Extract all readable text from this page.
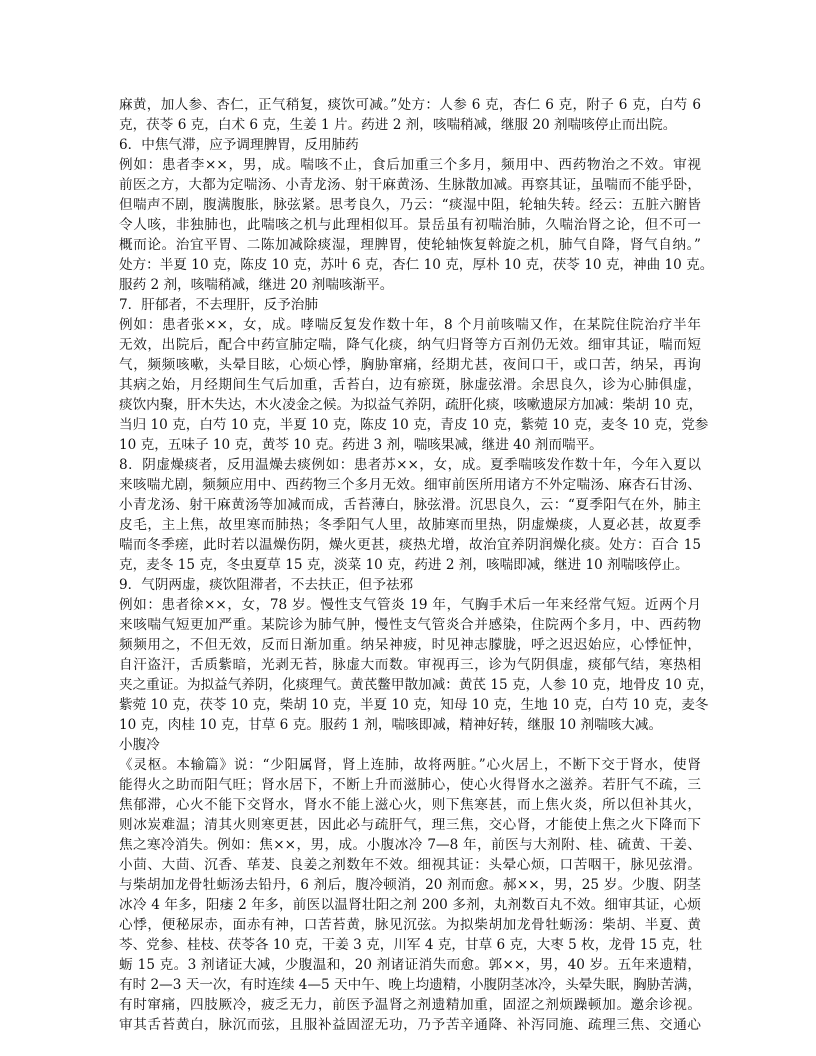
麻黄，加人参、杏仁，正气稍复，痰饮可减。”处方：人参 6 克，杏仁 6 克，附子 6 克，白芍 6
克，茯苓 6 克，白术 6 克，生姜 1 片。药进 2 剂，咳喘稍减，继服 20 剂喘咳停止而出院。
6．中焦气滞，应予调理脾胃，反用肺药
例如：患者李××，男，成。喘咳不止，食后加重三个多月，频用中、西药物治之不效。审视
前医之方，大都为定喘汤、小青龙汤、射干麻黄汤、生脉散加减。再察其证，虽喘而不能乎卧，
但喘声不剧，腹满腹胀，脉弦紧。思考良久，乃云：“痰湿中阻，轮轴失转。经云：五脏六腑皆
令人咳，非独肺也，此喘咳之机与此理相似耳。景岳虽有初喘治肺，久喘治肾之论，但不可一
概而论。治宜平胃、二陈加减除痰湿，理脾胃，使轮轴恢复斡旋之机，肺气自降，肾气自纳。”
处方：半夏 10 克，陈皮 10 克，苏叶 6 克，杏仁 10 克，厚朴 10 克，茯苓 10 克，神曲 10 克。
服药 2 剂，咳喘稍减，继进 20 剂喘咳渐平。
7．肝郁者，不去理肝，反予治肺
例如：患者张××，女，成。哮喘反复发作数十年，8 个月前咳喘又作，在某院住院治疗半年
无效，出院后，配合中药宣肺定喘，降气化痰，纳气归肾等方百剂仍无效。细审其证，喘而短
气，频频咳嗽，头晕目眩，心烦心悸，胸胁窜痛，经期尤甚，夜间口干，或口苦，纳呆，再询
其病之始，月经期间生气后加重，舌苔白，边有瘀斑，脉虚弦滑。余思良久，诊为心肺俱虚，
痰饮内聚，肝木失达，木火凌金之候。为拟益气养阴，疏肝化痰，咳嗽遗尿方加减：柴胡 10 克，
当归 10 克，白芍 10 克，半夏 10 克，陈皮 10 克，青皮 10 克，紫菀 10 克，麦冬 10 克，党参
10 克，五味子 10 克，黄芩 10 克。药进 3 剂，喘咳果减，继进 40 剂而喘平。
8．阴虚燥痰者，反用温燥去痰例如：患者苏××，女，成。夏季喘咳发作数十年，今年入夏以
来咳喘尤剧，频频应用中、西药物三个多月无效。细审前医所用诸方不外定喘汤、麻杏石甘汤、
小青龙汤、射干麻黄汤等加减而成，舌苔薄白，脉弦滑。沉思良久，云：“夏季阳气在外，肺主
皮毛，主上焦，故里寒而肺热；冬季阳气人里，故肺寒而里热，阴虚燥痰，人夏必甚，故夏季
喘而冬季瘥，此时若以温燥伤阴，燥火更甚，痰热尤增，故治宜养阴润燥化痰。处方：百合 15
克，麦冬 15 克，冬虫夏草 15 克，淡菜 10 克，药进 2 剂，咳喘即减，继进 10 剂喘咳停止。
9．气阴两虚，痰饮阻滞者，不去扶正，但予祛邪
例如：患者徐××，女，78 岁。慢性支气管炎 19 年，气胸手术后一年来经常气短。近两个月
来咳喘气短更加严重。某院诊为肺气肿，慢性支气管炎合并感染，住院两个多月，中、西药物
频频用之，不但无效，反而日渐加重。纳呆神疲，时见神志朦胧，呼之迟迟始应，心悸怔忡，
自汗盗汗，舌质紫暗，光剥无苔，脉虚大而数。审视再三，诊为气阴俱虚，痰郁气结，寒热相
夹之重证。为拟益气养阴，化痰理气。黄芪鳖甲散加减：黄芪 15 克，人参 10 克，地骨皮 10 克，
紫菀 10 克，茯苓 10 克，柴胡 10 克，半夏 10 克，知母 10 克，生地 10 克，白芍 10 克，麦冬
10 克，肉桂 10 克，甘草 6 克。服药 1 剂，喘咳即减，精神好转，继服 10 剂喘咳大减。
小腹冷
《灵枢。本输篇》说：“少阳属肾，肾上连肺，故将两脏。”心火居上，不断下交于肾水，使肾
能得火之助而阳气旺；肾水居下，不断上升而滋肺心，使心火得肾水之滋养。若肝气不疏，三
焦郁滞，心火不能下交肾水，肾水不能上滋心火，则下焦寒甚，而上焦火炎，所以但补其火，
则冰炭难温；清其火则寒更甚，因此必与疏肝气，理三焦，交心肾，才能使上焦之火下降而下
焦之寒冷消失。例如：焦××，男，成。小腹冰冷 7—8 年，前医与大剂附、桂、硫黄、干姜、
小茴、大茴、沉香、荜茇、良姜之剂数年不效。细视其证：头晕心烦，口苦咽干，脉见弦滑。
与柴胡加龙骨牡蛎汤去铅丹，6 剂后，腹冷顿消，20 剂而愈。郝××，男，25 岁。少腹、阴茎
冰冷 4 年多，阳痿 2 年多，前医以温肾壮阳之剂 200 多剂，丸剂数百丸不效。细审其证，心烦
心悸，便秘尿赤，面赤有神，口苦苔黄，脉见沉弦。为拟柴胡加龙骨牡蛎汤：柴胡、半夏、黄
芩、党参、桂枝、茯苓各 10 克，干姜 3 克，川军 4 克，甘草 6 克，大枣 5 枚，龙骨 15 克，牡
蛎 15 克。3 剂诸证大减，少腹温和，20 剂诸证消失而愈。郭××，男，40 岁。五年来遗精，
有时 2—3 天一次，有时连续 4—5 天中午、晚上均遗精，小腹阴茎冰冷，头晕失眠，胸胁苦满，
有时窜痛，四肢厥冷，疲乏无力，前医予温肾之剂遗精加重，固涩之剂烦躁顿加。邀余诊视。
审其舌苔黄白，脉沉而弦，且服补益固涩无功，乃予苦辛通降、补泻同施、疏理三焦、交通心
